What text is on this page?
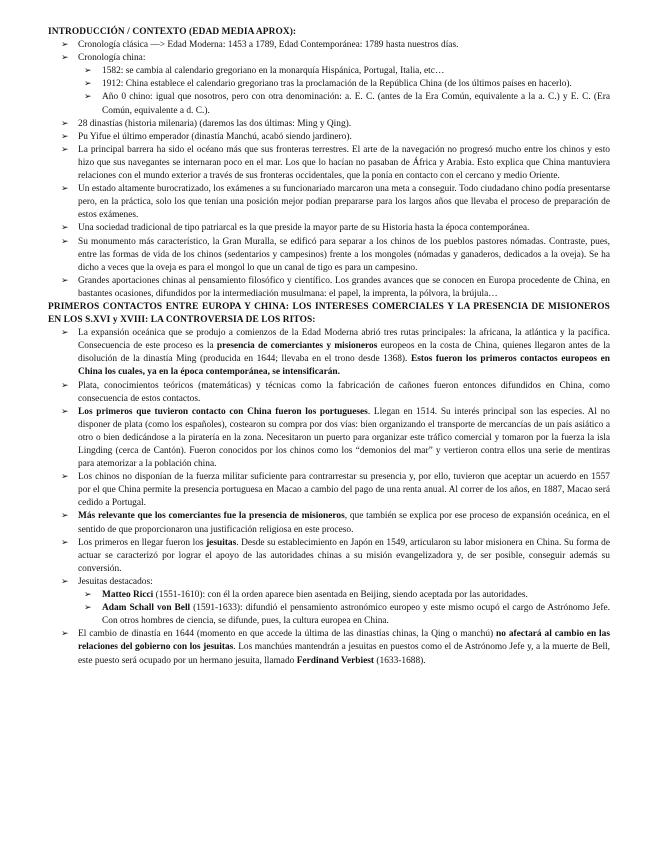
INTRODUCCIÓN / CONTEXTO (EDAD MEDIA APROX):

➢ Cronología clásica —> Edad Moderna: 1453 a 1789, Edad Contemporánea: 1789 hasta nuestros días.
➢ Cronología china:
➢ 1582: se cambia al calendario gregoriano en la monarquía Hispánica, Portugal, Italia, etc…
➢ 1912: China establece el calendario gregoriano tras la proclamación de la República China (de los últimos países en hacerlo).
➢ Año 0 chino: igual que nosotros, pero con otra denominación: a. E. C. (antes de la Era Común, equivalente a la a. C.) y E. C. (Era Común, equivalente a d. C.).
➢ 28 dinastías (historia milenaria) (daremos las dos últimas: Ming y Qing).
➢ Pu Yifue el último emperador (dinastía Manchú, acabó siendo jardinero).
➢ La principal barrera ha sido el océano más que sus fronteras terrestres. El arte de la navegación no progresó mucho entre los chinos y esto hizo que sus navegantes se internaran poco en el mar. Los que lo hacían no pasaban de África y Arabia. Esto explica que China mantuviera relaciones con el mundo exterior a través de sus fronteras occidentales, que la ponía en contacto con el cercano y medio Oriente.
➢ Un estado altamente burocratizado, los exámenes a su funcionariado marcaron una meta a conseguir. Todo ciudadano chino podía presentarse pero, en la práctica, solo los que tenían una posición mejor podían prepararse para los largos años que llevaba el proceso de preparación de estos exámenes.
➢ Una sociedad tradicional de tipo patriarcal es la que preside la mayor parte de su Historia hasta la época contemporánea.
➢ Su monumento más característico, la Gran Muralla, se edificó para separar a los chinos de los pueblos pastores nómadas. Contraste, pues, entre las formas de vida de los chinos (sedentarios y campesinos) frente a los mongoles (nómadas y ganaderos, dedicados a la oveja). Se ha dicho a veces que la oveja es para el mongol lo que un canal de tigo es para un campesino.
➢ Grandes aportaciones chinas al pensamiento filosófico y científico. Los grandes avances que se conocen en Europa procedente de China, en bastantes ocasiones, difundidos por la intermediación musulmana: el papel, la imprenta, la pólvora, la brújula…

PRIMEROS CONTACTOS ENTRE EUROPA Y CHINA: LOS INTERESES COMERCIALES Y LA PRESENCIA DE MISIONEROS EN LOS S.XVI y XVIII: LA CONTROVERSIA DE LOS RITOS:

➢ La expansión oceánica que se produjo a comienzos de la Edad Moderna abrió tres rutas principales: la africana, la atlántica y la pacífica. Consecuencia de este proceso es la presencia de comerciantes y misioneros europeos en la costa de China, quienes llegaron antes de la disolución de la dinastía Ming (producida en 1644; llevaba en el trono desde 1368). Estos fueron los primeros contactos europeos en China los cuales, ya en la época contemporánea, se intensificarán.
➢ Plata, conocimientos teóricos (matemáticas) y técnicas como la fabricación de cañones fueron entonces difundidos en China, como consecuencia de estos contactos.
➢ Los primeros que tuvieron contacto con China fueron los portugueses. Llegan en 1514. Su interés principal son las especies. Al no disponer de plata (como los españoles), costearon su compra por dos vías: bien organizando el transporte de mercancías de un país asiático a otro o bien dedicándose a la piratería en la zona. Necesitaron un puerto para organizar este tráfico comercial y tomaron por la fuerza la isla Lingding (cerca de Cantón). Fueron conocidos por los chinos como los “demonios del mar” y vertieron contra ellos una serie de mentiras para atemorizar a la población china.
➢ Los chinos no disponían de la fuerza militar suficiente para contrarrestar su presencia y, por ello, tuvieron que aceptar un acuerdo en 1557 por el que China permite la presencia portuguesa en Macao a cambio del pago de una renta anual. Al correr de los años, en 1887, Macao será cedido a Portugal.
➢ Más relevante que los comerciantes fue la presencia de misioneros, que también se explica por ese proceso de expansión oceánica, en el sentido de que proporcionaron una justificación religiosa en este proceso.
➢ Los primeros en llegar fueron los jesuitas. Desde su establecimiento en Japón en 1549, articularon su labor misionera en China. Su forma de actuar se caracterizó por lograr el apoyo de las autoridades chinas a su misión evangelizadora y, de ser posible, conseguir además su conversión.
➢ Jesuitas destacados:
➢ Matteo Ricci (1551-1610): con él la orden aparece bien asentada en Beijing, siendo aceptada por las autoridades.
➢ Adam Schall von Bell (1591-1633): difundió el pensamiento astronómico europeo y este mismo ocupó el cargo de Astrónomo Jefe. Con otros hombres de ciencia, se difunde, pues, la cultura europea en China.
➢ El cambio de dinastía en 1644 (momento en que accede la última de las dinastías chinas, la Qing o manchú) no afectará al cambio en las relaciones del gobierno con los jesuitas. Los manchúes mantendrán a jesuitas en puestos como el de Astrónomo Jefe y, a la muerte de Bell, este puesto será ocupado por un hermano jesuita, llamado Ferdinand Verbiest (1633-1688).
